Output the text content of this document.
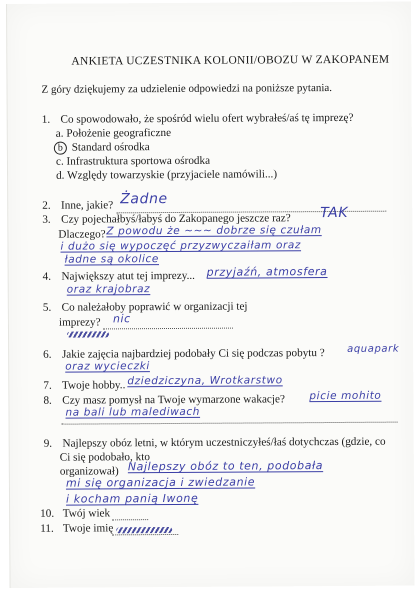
ANKIETA UCZESTNIKA KOLONII/OBOZU W ZAKOPANEM
Z góry dziękujemy za udzielenie odpowiedzi na poniższe pytania.
1. Co spowodowało, że spośród wielu ofert wybrałeś/aś tę imprezę?
a. Położenie geograficzne
b Standard ośrodka
c. Infrastruktura sportowa ośrodka
d. Względy towarzyskie (przyjaciele namówili...)
2. Inne, jakie? Żadne
3. Czy pojechałbyś/łabyś do Zakopanego jeszcze raz? TAK
Dlaczego? Z powodu że ~~~ dobrze się czułam
i dużo się wypoczęć przyzwyczaiłam oraz
ładne są okolice
4. Największy atut tej imprezy... przyjaźń, atmosfera
oraz krajobraz
5. Co należałoby poprawić w organizacji tej
imprezy? nic
6. Jakie zajęcia najbardziej podobały Ci się podczas pobytu ? aquapark
oraz wycieczki
7. Twoje hobby.. dziedziczyna, Wrotkarstwo
8. Czy masz pomysł na Twoje wymarzone wakacje? picie mohito
na bali lub malediwach
9. Najlepszy obóz letni, w którym uczestniczyłeś/łaś dotychczas (gdzie, co
Ci się podobało, kto
organizował) Najlepszy obóz to ten, podobała
mi się organizacja i zwiedzanie
i kocham panią Iwonę
10. Twój wiek
11. Twoje imię
